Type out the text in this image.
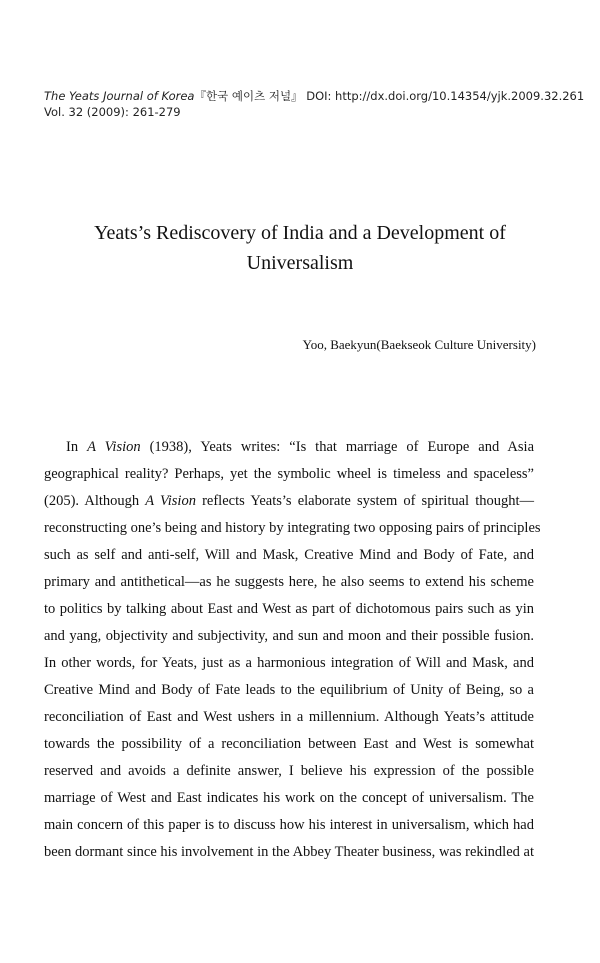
The Yeats Journal of Korea『한국 예이츠 저널』 DOI: http://dx.doi.org/10.14354/yjk.2009.32.261
Vol. 32 (2009): 261-279
Yeats’s Rediscovery of India and a Development of
Universalism
Yoo, Baekyun(Baekseok Culture University)
In A Vision (1938), Yeats writes: “Is that marriage of Europe and Asia
geographical reality? Perhaps, yet the symbolic wheel is timeless and spaceless”
(205). Although A Vision reflects Yeats’s elaborate system of spiritual thought—
reconstructing one’s being and history by integrating two opposing pairs of principles
such as self and anti-self, Will and Mask, Creative Mind and Body of Fate, and
primary and antithetical—as he suggests here, he also seems to extend his scheme
to politics by talking about East and West as part of dichotomous pairs such as yin
and yang, objectivity and subjectivity, and sun and moon and their possible fusion.
In other words, for Yeats, just as a harmonious integration of Will and Mask, and
Creative Mind and Body of Fate leads to the equilibrium of Unity of Being, so a
reconciliation of East and West ushers in a millennium. Although Yeats’s attitude
towards the possibility of a reconciliation between East and West is somewhat
reserved and avoids a definite answer, I believe his expression of the possible
marriage of West and East indicates his work on the concept of universalism. The
main concern of this paper is to discuss how his interest in universalism, which had
been dormant since his involvement in the Abbey Theater business, was rekindled at
